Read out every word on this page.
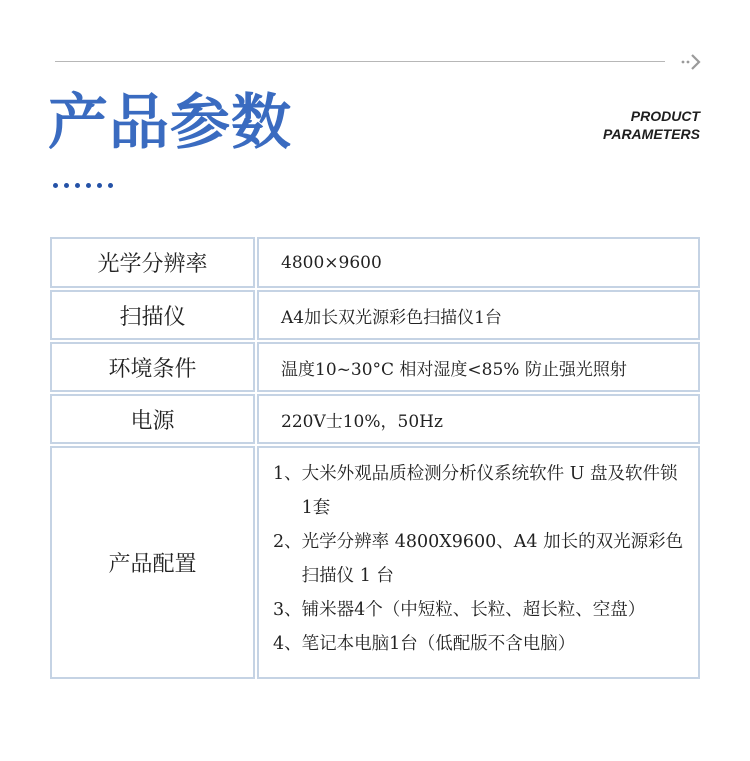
产品参数	PRODUCT
PARAMETERS
光学分辨率	4800×9600
扫描仪	A4加长双光源彩色扫描仪1台
环境条件	温度10~30°C 相对湿度<85% 防止强光照射
电源	220V士10%，50Hz
产品配置
1、 大米外观品质检测分析仪系统软件 U 盘及软件锁 1套
2、 光学分辨率 4800X9600、A4 加长的双光源彩色扫描仪 1 台
3、 铺米器4个（中短粒、长粒、超长粒、空盘）
4、 笔记本电脑1台（低配版不含电脑）
